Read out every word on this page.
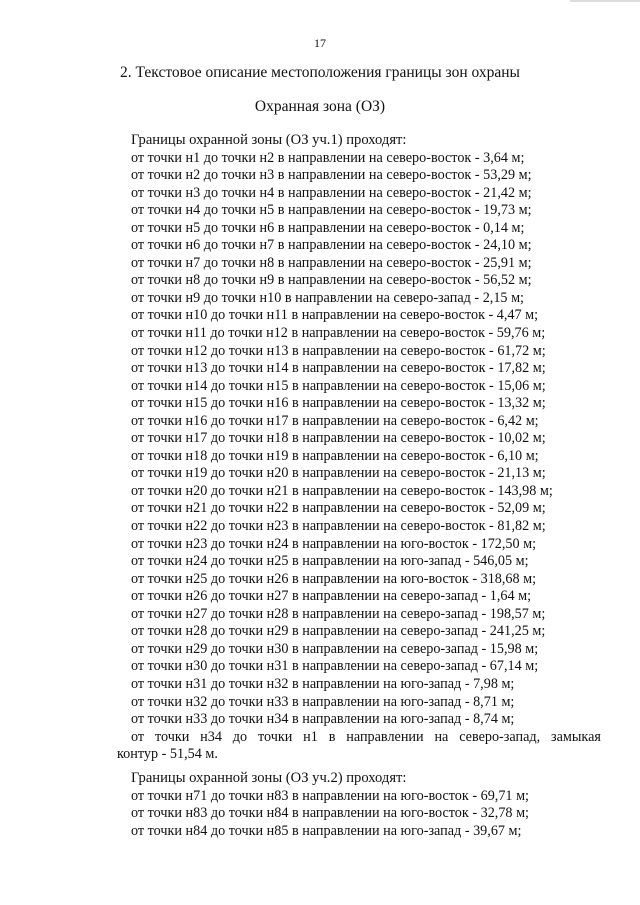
17
2. Текстовое описание местоположения границы зон охраны
Охранная зона (ОЗ)
Границы охранной зоны (ОЗ уч.1) проходят:
от точки н1 до точки н2 в направлении на северо-восток - 3,64 м;
от точки н2 до точки н3 в направлении на северо-восток - 53,29 м;
от точки н3 до точки н4 в направлении на северо-восток - 21,42 м;
от точки н4 до точки н5 в направлении на северо-восток - 19,73 м;
от точки н5 до точки н6 в направлении на северо-восток - 0,14 м;
от точки н6 до точки н7 в направлении на северо-восток - 24,10 м;
от точки н7 до точки н8 в направлении на северо-восток - 25,91 м;
от точки н8 до точки н9 в направлении на северо-восток - 56,52 м;
от точки н9 до точки н10 в направлении на северо-запад - 2,15 м;
от точки н10 до точки н11 в направлении на северо-восток - 4,47 м;
от точки н11 до точки н12 в направлении на северо-восток - 59,76 м;
от точки н12 до точки н13 в направлении на северо-восток - 61,72 м;
от точки н13 до точки н14 в направлении на северо-восток - 17,82 м;
от точки н14 до точки н15 в направлении на северо-восток - 15,06 м;
от точки н15 до точки н16 в направлении на северо-восток - 13,32 м;
от точки н16 до точки н17 в направлении на северо-восток - 6,42 м;
от точки н17 до точки н18 в направлении на северо-восток - 10,02 м;
от точки н18 до точки н19 в направлении на северо-восток - 6,10 м;
от точки н19 до точки н20 в направлении на северо-восток - 21,13 м;
от точки н20 до точки н21 в направлении на северо-восток - 143,98 м;
от точки н21 до точки н22 в направлении на северо-восток - 52,09 м;
от точки н22 до точки н23 в направлении на северо-восток - 81,82 м;
от точки н23 до точки н24 в направлении на юго-восток - 172,50 м;
от точки н24 до точки н25 в направлении на юго-запад - 546,05 м;
от точки н25 до точки н26 в направлении на юго-восток - 318,68 м;
от точки н26 до точки н27 в направлении на северо-запад - 1,64 м;
от точки н27 до точки н28 в направлении на северо-запад - 198,57 м;
от точки н28 до точки н29 в направлении на северо-запад - 241,25 м;
от точки н29 до точки н30 в направлении на северо-запад - 15,98 м;
от точки н30 до точки н31 в направлении на северо-запад - 67,14 м;
от точки н31 до точки н32 в направлении на юго-запад - 7,98 м;
от точки н32 до точки н33 в направлении на юго-запад - 8,71 м;
от точки н33 до точки н34 в направлении на юго-запад - 8,74 м;
от точки н34 до точки н1 в направлении на северо-запад, замыкая
контур - 51,54 м.
Границы охранной зоны (ОЗ уч.2) проходят:
от точки н71 до точки н83 в направлении на юго-восток - 69,71 м;
от точки н83 до точки н84 в направлении на юго-восток - 32,78 м;
от точки н84 до точки н85 в направлении на юго-запад - 39,67 м;
